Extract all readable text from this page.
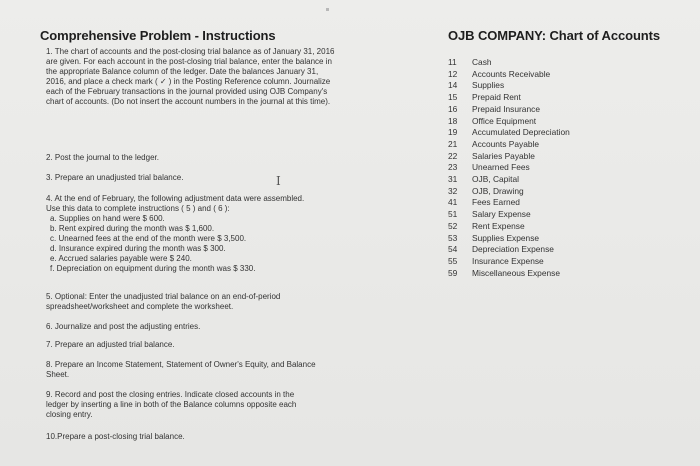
Comprehensive Problem - Instructions
1. The chart of accounts and the post-closing trial balance as of January 31, 2016 are given. For each account in the post-closing trial balance, enter the balance in the appropriate Balance column of the ledger. Date the balances January 31, 2016, and place a check mark ( ✓ ) in the Posting Reference column. Journalize each of the February transactions in the journal provided using OJB Company's chart of accounts. (Do not insert the account numbers in the journal at this time).
2. Post the journal to the ledger.
3. Prepare an unadjusted trial balance.
4. At the end of February, the following adjustment data were assembled. Use this data to complete instructions ( 5 ) and ( 6 ):
a. Supplies on hand were $ 600.
b. Rent expired during the month was $ 1,600.
c. Unearned fees at the end of the month were $ 3,500.
d. Insurance expired during the month was $ 300.
e. Accrued salaries payable were $ 240.
f. Depreciation on equipment during the month was $ 330.
5. Optional: Enter the unadjusted trial balance on an end-of-period spreadsheet/worksheet and complete the worksheet.
6. Journalize and post the adjusting entries.
7. Prepare an adjusted trial balance.
8. Prepare an Income Statement, Statement of Owner's Equity, and Balance Sheet.
9. Record and post the closing entries. Indicate closed accounts in the ledger by inserting a line in both of the Balance columns opposite each closing entry.
10.Prepare a post-closing trial balance.
I
OJB COMPANY: Chart of Accounts
11	Cash
12	Accounts Receivable
14	Supplies
15	Prepaid Rent
16	Prepaid Insurance
18	Office Equipment
19	Accumulated Depreciation
21	Accounts Payable
22	Salaries Payable
23	Unearned Fees
31	OJB, Capital
32	OJB, Drawing
41	Fees Earned
51	Salary Expense
52	Rent Expense
53	Supplies Expense
54	Depreciation Expense
55	Insurance Expense
59	Miscellaneous Expense
